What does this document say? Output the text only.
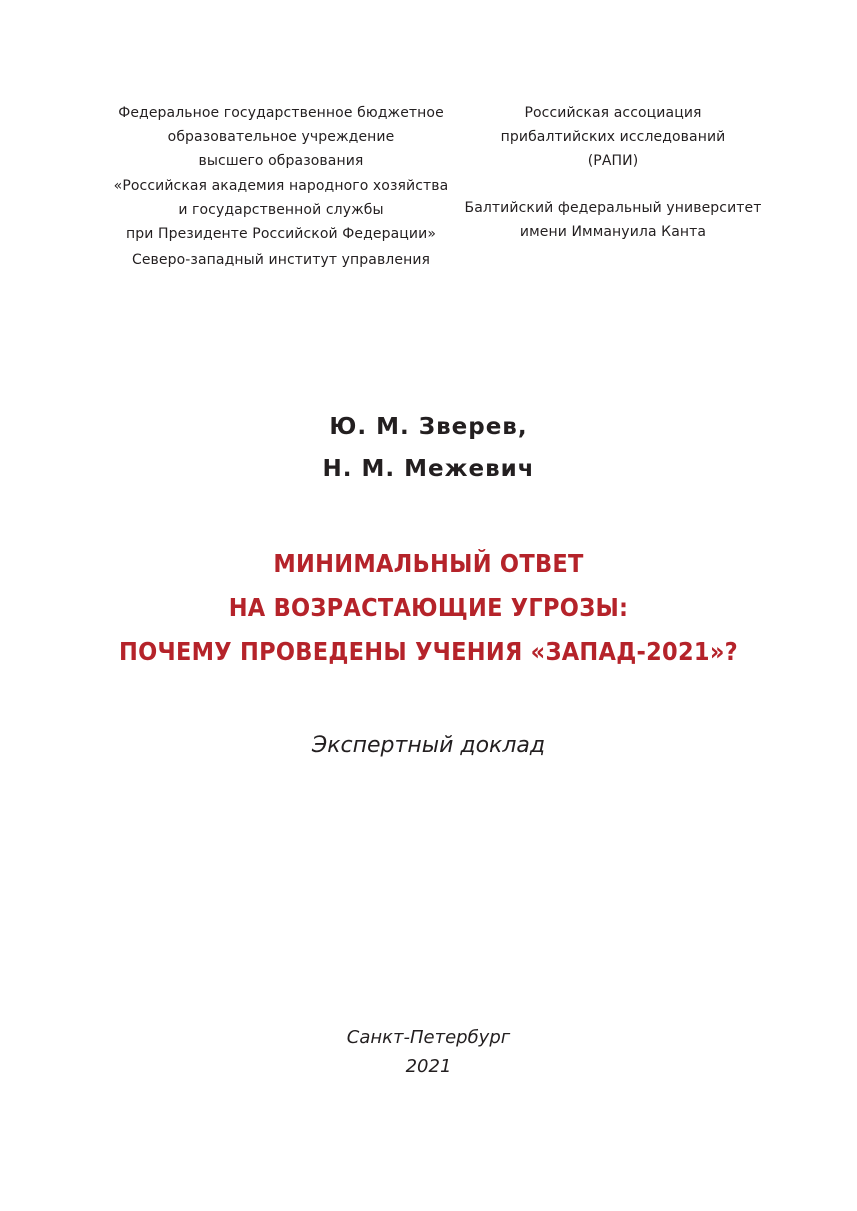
Федеральное государственное бюджетное
образовательное учреждение
высшего образования
«Российская академия народного хозяйства
и государственной службы
при Президенте Российской Федерации»
Северо-западный институт управления
Российская ассоциация
прибалтийских исследований
(РАПИ)
Балтийский федеральный университет
имени Иммануила Канта
Ю. М. Зверев,
Н. М. Межевич
МИНИМАЛЬНЫЙ ОТВЕТ
НА ВОЗРАСТАЮЩИЕ УГРОЗЫ:
ПОЧЕМУ ПРОВЕДЕНЫ УЧЕНИЯ «ЗАПАД-2021»?
Экспертный доклад
Санкт-Петербург
2021
